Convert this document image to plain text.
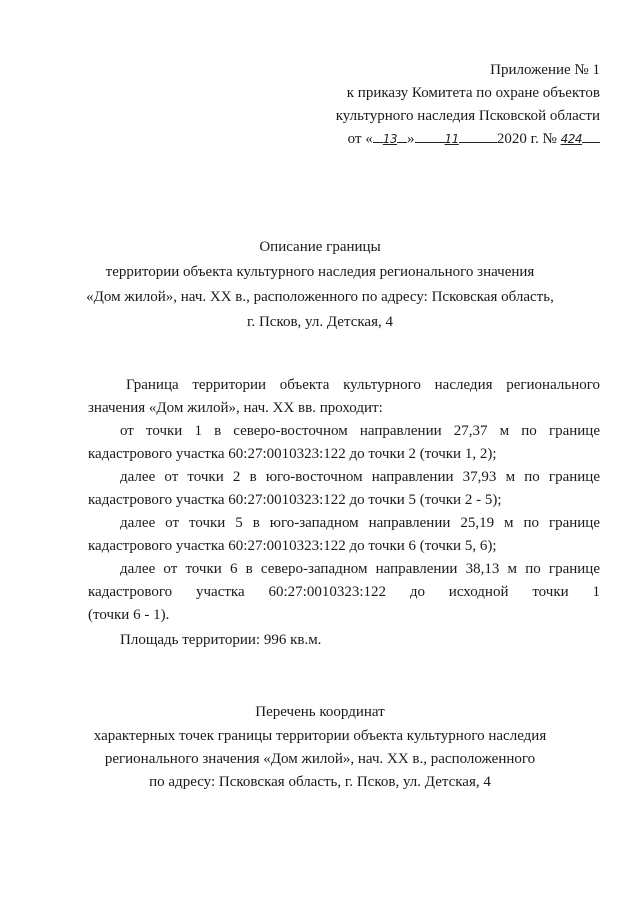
Приложение № 1
к приказу Комитета по охране объектов
культурного наследия Псковской области
от « 13 »	11	2020 г. № 424
Описание границы
территории объекта культурного наследия регионального значения
«Дом жилой», нач. XX в., расположенного по адресу: Псковская область,
г. Псков, ул. Детская, 4
Граница территории объекта культурного наследия регионального
значения «Дом жилой», нач. XX вв. проходит:
от точки 1 в северо-восточном направлении 27,37 м по границе
кадастрового участка 60:27:0010323:122 до точки 2 (точки 1, 2);
далее от точки 2 в юго-восточном направлении 37,93 м по границе
кадастрового участка 60:27:0010323:122 до точки 5 (точки 2 - 5);
далее от точки 5 в юго-западном направлении 25,19 м по границе
кадастрового участка 60:27:0010323:122 до точки 6 (точки 5, 6);
далее от точки 6 в северо-западном направлении 38,13 м по границе
кадастрового участка 60:27:0010323:122 до исходной точки 1
(точки 6 - 1).
Площадь территории: 996 кв.м.
Перечень координат
характерных точек границы территории объекта культурного наследия
регионального значения «Дом жилой», нач. XX в., расположенного
по адресу: Псковская область, г. Псков, ул. Детская, 4
